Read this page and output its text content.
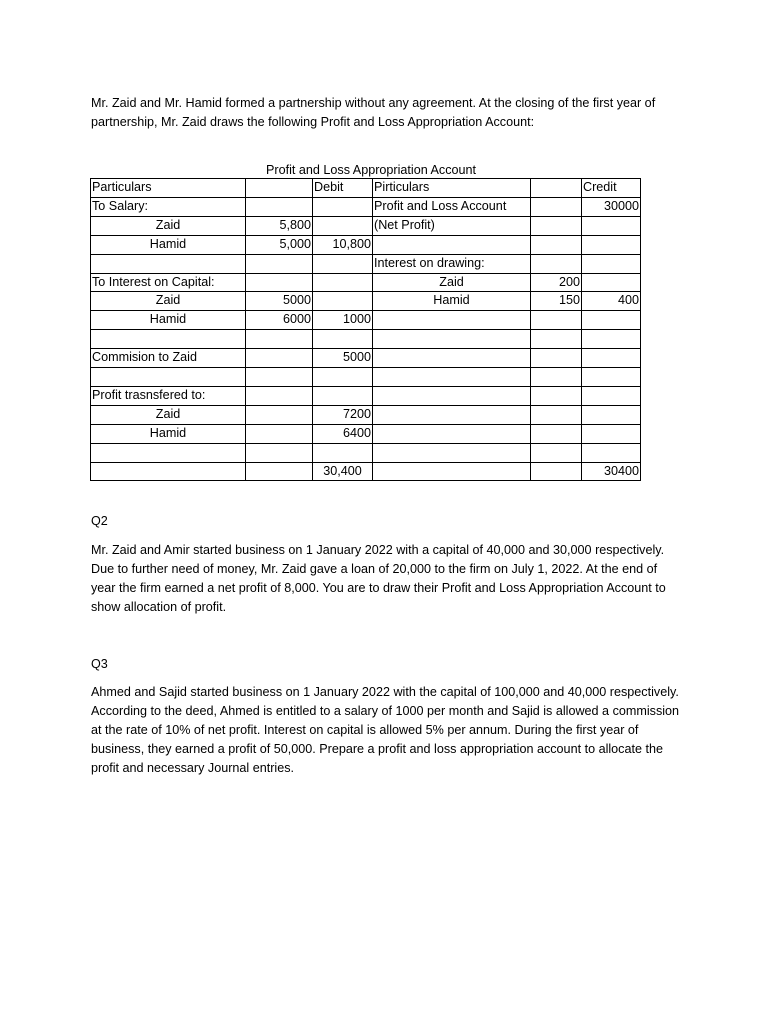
Mr. Zaid and Mr. Hamid formed a partnership without any agreement. At the closing of the first year of partnership, Mr. Zaid draws the following Profit and Loss Appropriation Account:

Profit and Loss Appropriation Account

Particulars		Debit	Pirticulars		Credit
To Salary:			Profit and Loss Account		30000
Zaid	5,800		(Net Profit)		
Hamid	5,000	10,800			
			Interest on drawing:		
To Interest on Capital:			Zaid	200	
Zaid	5000		Hamid	150	400
Hamid	6000	1000			

Commision to Zaid		5000			

Profit trasnsfered to:					
Zaid		7200			
Hamid		6400			

		30,400			30400

Q2

Mr. Zaid and Amir started business on 1 January 2022 with a capital of 40,000 and 30,000 respectively. Due to further need of money, Mr. Zaid gave a loan of 20,000 to the firm on July 1, 2022. At the end of year the firm earned a net profit of 8,000. You are to draw their Profit and Loss Appropriation Account to show allocation of profit.

Q3

Ahmed and Sajid started business on 1 January 2022 with the capital of 100,000 and 40,000 respectively. According to the deed, Ahmed is entitled to a salary of 1000 per month and Sajid is allowed a commission at the rate of 10% of net profit. Interest on capital is allowed 5% per annum. During the first year of business, they earned a profit of 50,000. Prepare a profit and loss appropriation account to allocate the profit and necessary Journal entries.
